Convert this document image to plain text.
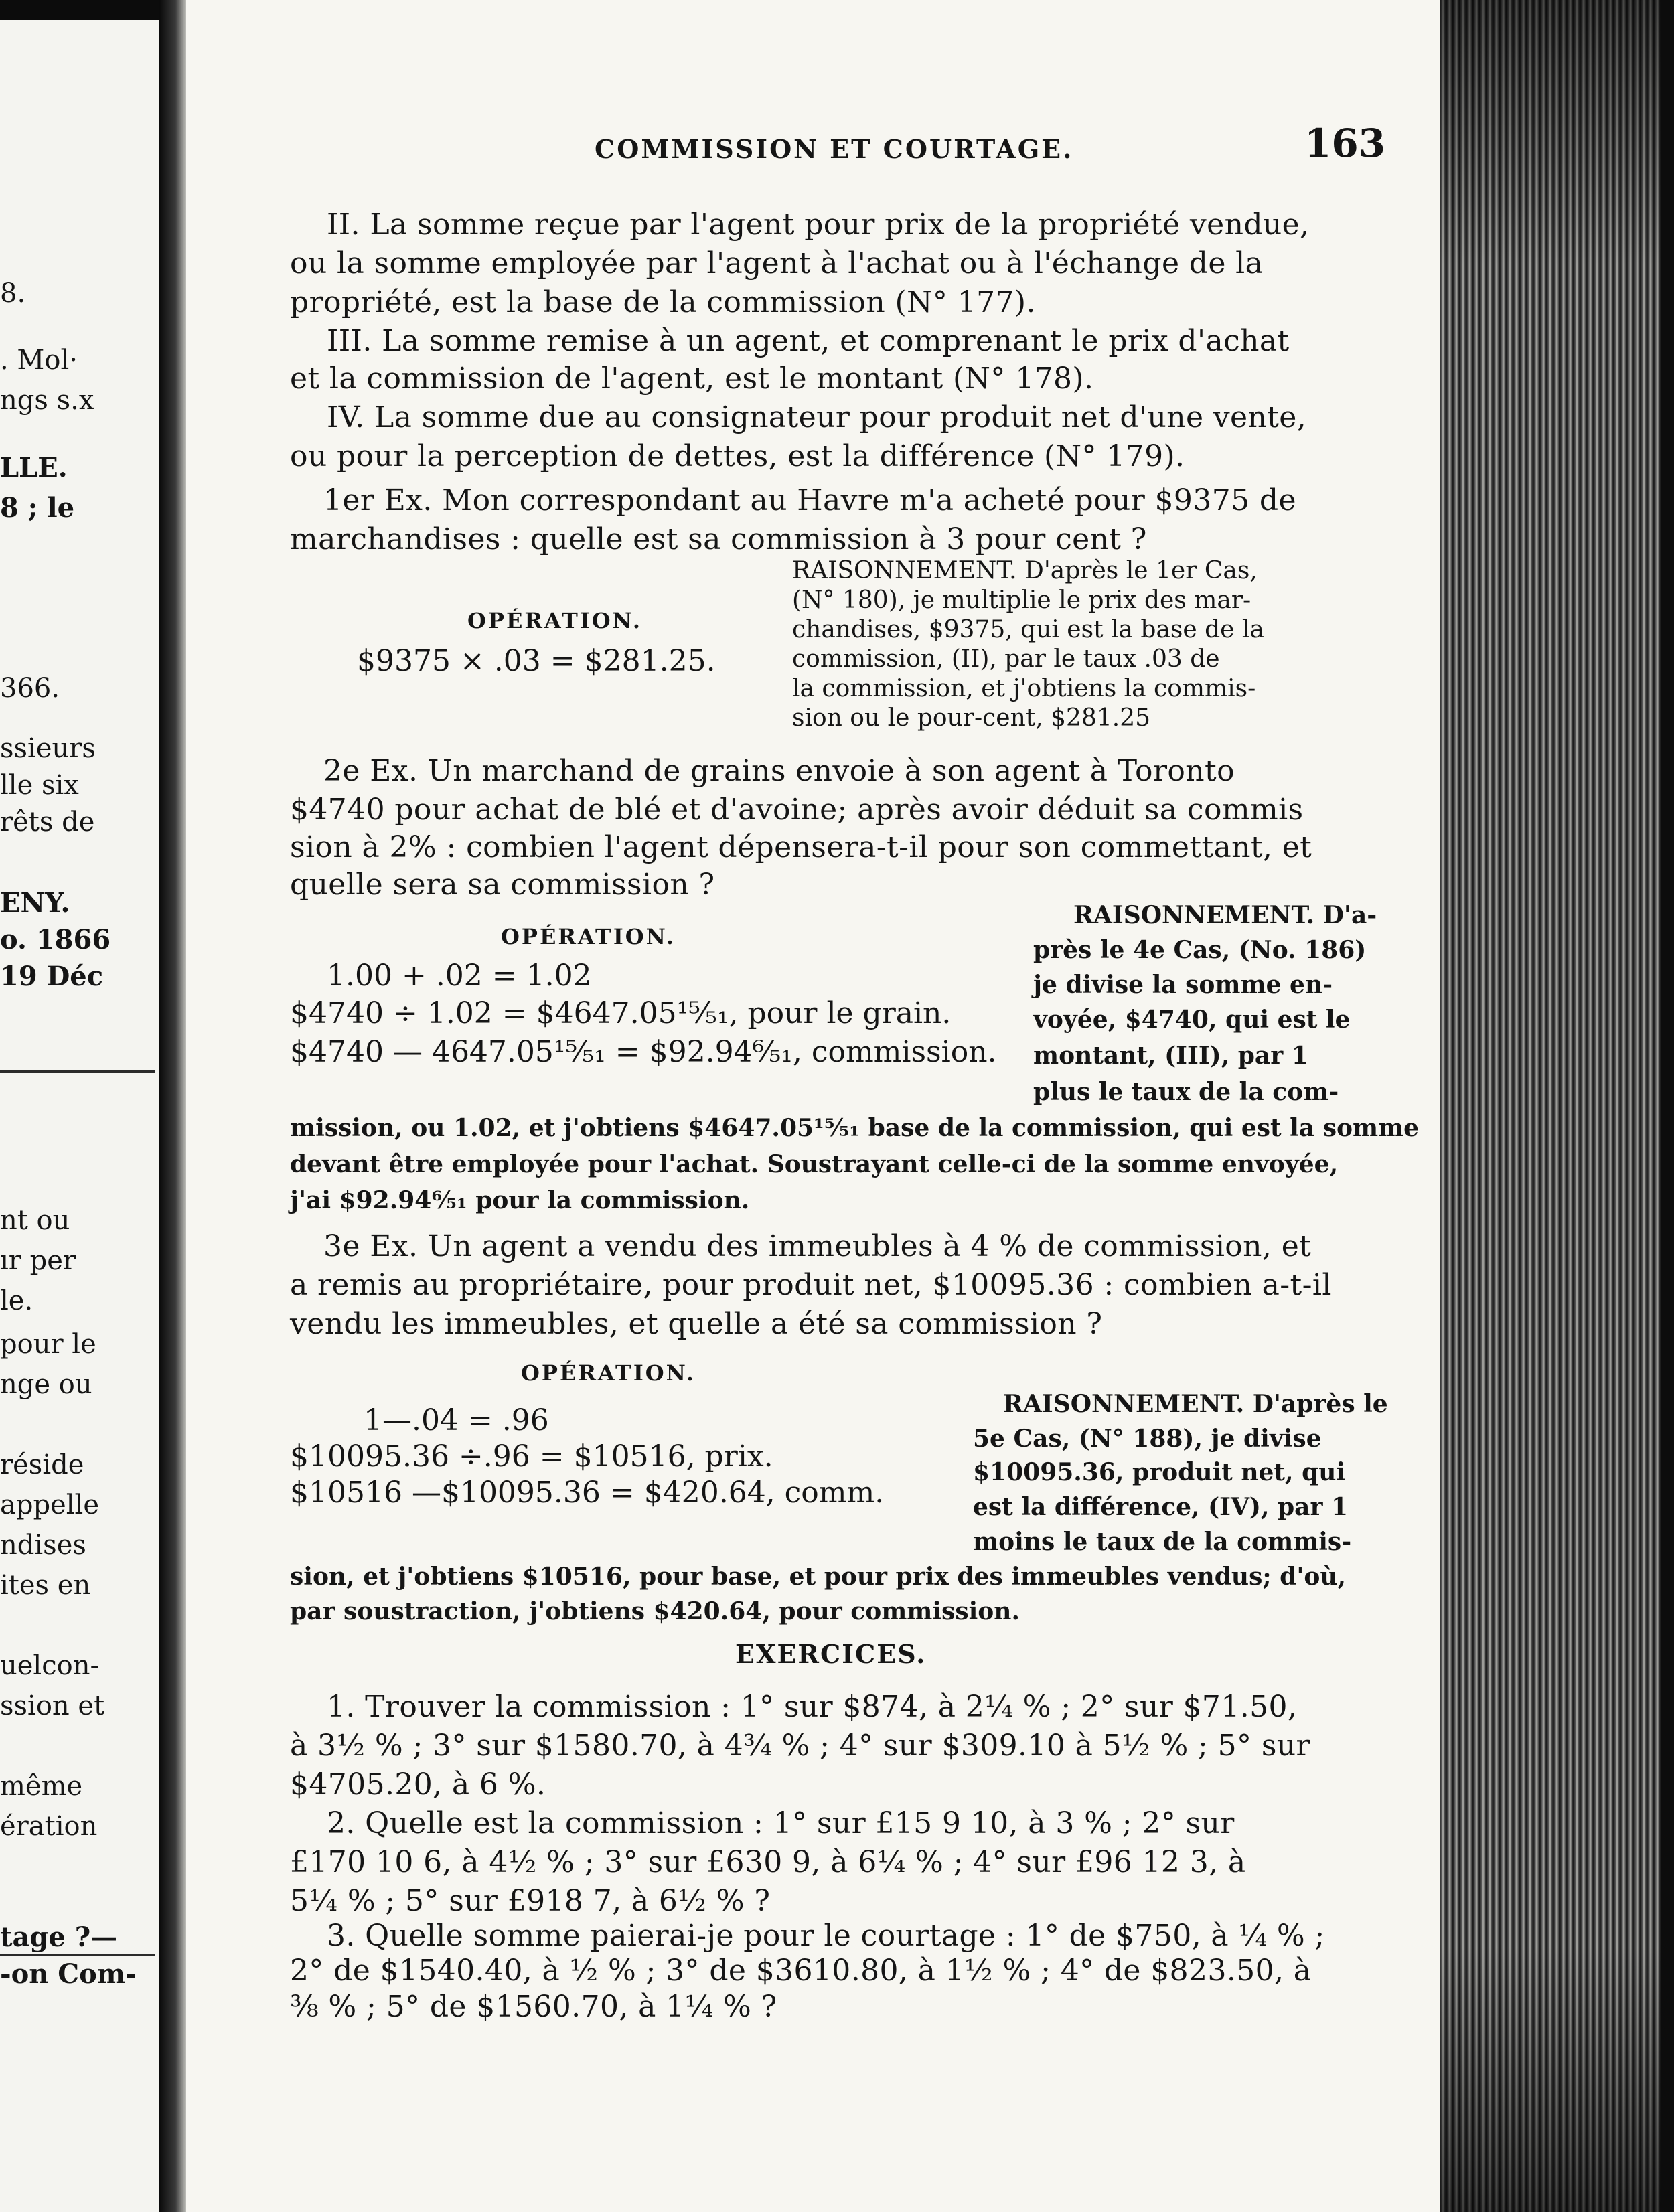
8.
. Mol·
ngs s.x
LLE.
8 ; le
366.
ssieurs
lle six
rêts de
ENY.
o. 1866
19 Déc
nt ou
ır per
le.
pour le
nge ou
réside
appelle
ndises
ites en
uelcon-
ssion et
même
ération
tage ?—
-on Com-
COMMISSION ET COURTAGE.	163
II. La somme reçue par l'agent pour prix de la propriété vendue,
ou la somme employée par l'agent à l'achat ou à l'échange de la
propriété, est la base de la commission (N° 177).
III. La somme remise à un agent, et comprenant le prix d'achat
et la commission de l'agent, est le montant (N° 178).
IV. La somme due au consignateur pour produit net d'une vente,
ou pour la perception de dettes, est la différence (N° 179).
1er Ex. Mon correspondant au Havre m'a acheté pour $9375 de
marchandises : quelle est sa commission à 3 pour cent ?
OPÉRATION.
$9375 × .03 = $281.25.
RAISONNEMENT. D'après le 1er Cas,
(N° 180), je multiplie le prix des mar-
chandises, $9375, qui est la base de la
commission, (II), par le taux .03 de
la commission, et j'obtiens la commis-
sion ou le pour-cent, $281.25
2e Ex. Un marchand de grains envoie à son agent à Toronto
$4740 pour achat de blé et d'avoine; après avoir déduit sa commis
sion à 2% : combien l'agent dépensera-t-il pour son commettant, et
quelle sera sa commission ?
OPÉRATION.
1.00 + .02 = 1.02
$4740 ÷ 1.02 = $4647.05¹⁵⁄₅₁, pour le grain.
$4740 — 4647.05¹⁵⁄₅₁ = $92.94⁶⁄₅₁, commission.
RAISONNEMENT. D'a-
près le 4e Cas, (No. 186)
je divise la somme en-
voyée, $4740, qui est le
montant, (III), par 1
plus le taux de la com-
mission, ou 1.02, et j'obtiens $4647.05¹⁵⁄₅₁ base de la commission, qui est la somme
devant être employée pour l'achat. Soustrayant celle-ci de la somme envoyée,
j'ai $92.94⁶⁄₅₁ pour la commission.
3e Ex. Un agent a vendu des immeubles à 4 % de commission, et
a remis au propriétaire, pour produit net, $10095.36 : combien a-t-il
vendu les immeubles, et quelle a été sa commission ?
OPÉRATION.
1—.04 = .96
$10095.36 ÷.96 = $10516, prix.
$10516 —$10095.36 = $420.64, comm.
RAISONNEMENT. D'après le
5e Cas, (N° 188), je divise
$10095.36, produit net, qui
est la différence, (IV), par 1
moins le taux de la commis-
sion, et j'obtiens $10516, pour base, et pour prix des immeubles vendus; d'où,
par soustraction, j'obtiens $420.64, pour commission.
EXERCICES.
1. Trouver la commission : 1° sur $874, à 2¼ % ; 2° sur $71.50,
à 3½ % ; 3° sur $1580.70, à 4¾ % ; 4° sur $309.10 à 5½ % ; 5° sur
$4705.20, à 6 %.
2. Quelle est la commission : 1° sur £15 9 10, à 3 % ; 2° sur
£170 10 6, à 4½ % ; 3° sur £630 9, à 6¼ % ; 4° sur £96 12 3, à
5¼ % ; 5° sur £918 7, à 6½ % ?
3. Quelle somme paierai-je pour le courtage : 1° de $750, à ¼ % ;
2° de $1540.40, à ½ % ; 3° de $3610.80, à 1½ % ; 4° de $823.50, à
⅜ % ; 5° de $1560.70, à 1¼ % ?
